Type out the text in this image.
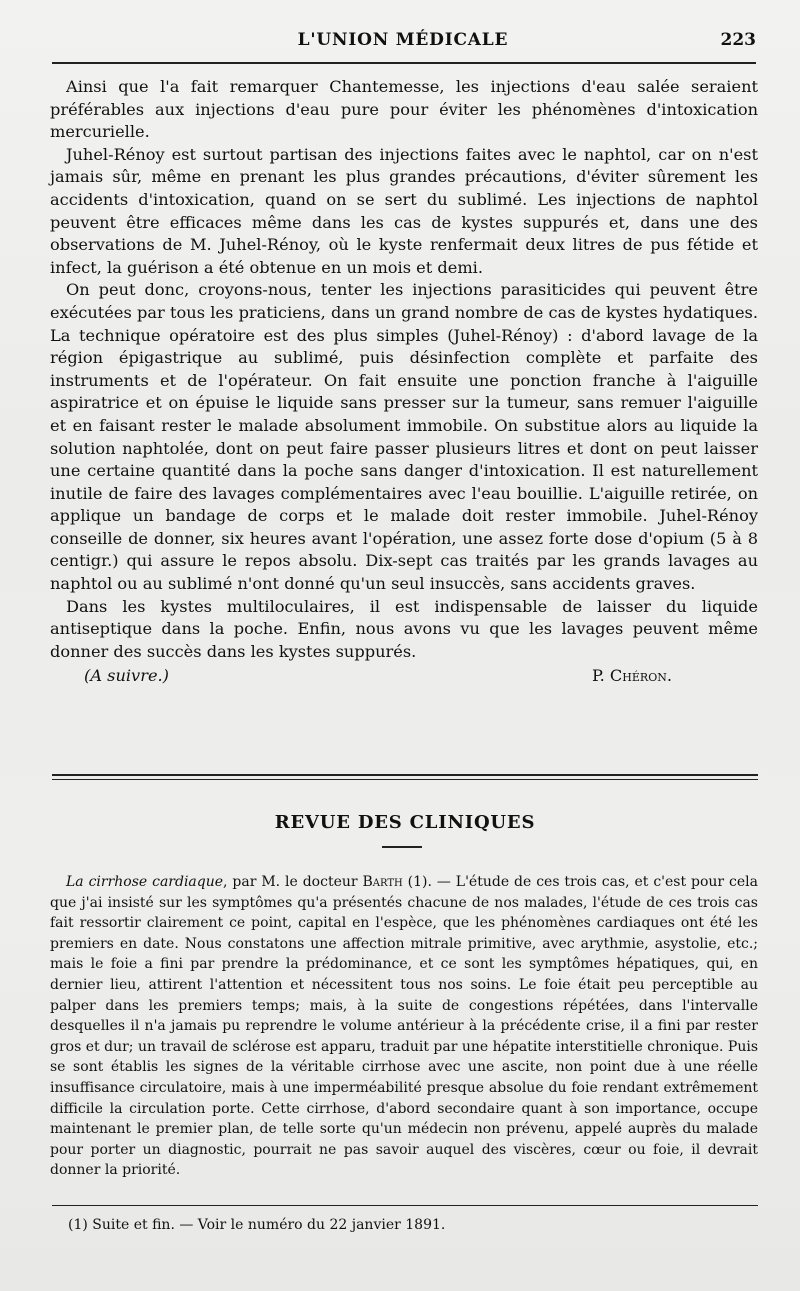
L'UNION MÉDICALE	223

Ainsi que l'a fait remarquer Chantemesse, les injections d'eau salée seraient préférables aux injections d'eau pure pour éviter les phénomènes d'intoxication mercurielle.

Juhel-Rénoy est surtout partisan des injections faites avec le naphtol, car on n'est jamais sûr, même en prenant les plus grandes précautions, d'éviter sûrement les accidents d'intoxication, quand on se sert du sublimé. Les injections de naphtol peuvent être efficaces même dans les cas de kystes suppurés et, dans une des observations de M. Juhel-Rénoy, où le kyste renfermait deux litres de pus fétide et infect, la guérison a été obtenue en un mois et demi.

On peut donc, croyons-nous, tenter les injections parasiticides qui peuvent être exécutées par tous les praticiens, dans un grand nombre de cas de kystes hydatiques. La technique opératoire est des plus simples (Juhel-Rénoy) : d'abord lavage de la région épigastrique au sublimé, puis désinfection complète et parfaite des instruments et de l'opérateur. On fait ensuite une ponction franche à l'aiguille aspiratrice et on épuise le liquide sans presser sur la tumeur, sans remuer l'aiguille et en faisant rester le malade absolument immobile. On substitue alors au liquide la solution naphtolée, dont on peut faire passer plusieurs litres et dont on peut laisser une certaine quantité dans la poche sans danger d'intoxication. Il est naturellement inutile de faire des lavages complémentaires avec l'eau bouillie. L'aiguille retirée, on applique un bandage de corps et le malade doit rester immobile. Juhel-Rénoy conseille de donner, six heures avant l'opération, une assez forte dose d'opium (5 à 8 centigr.) qui assure le repos absolu. Dix-sept cas traités par les grands lavages au naphtol ou au sublimé n'ont donné qu'un seul insuccès, sans accidents graves.

Dans les kystes multiloculaires, il est indispensable de laisser du liquide antiseptique dans la poche. Enfin, nous avons vu que les lavages peuvent même donner des succès dans les kystes suppurés.

(A suivre.)	P. Chéron.
REVUE DES CLINIQUES

La cirrhose cardiaque, par M. le docteur Barth (1). — L'étude de ces trois cas, et c'est pour cela que j'ai insisté sur les symptômes qu'a présentés chacune de nos malades, l'étude de ces trois cas fait ressortir clairement ce point, capital en l'espèce, que les phénomènes cardiaques ont été les premiers en date. Nous constatons une affection mitrale primitive, avec arythmie, asystolie, etc.; mais le foie a fini par prendre la prédominance, et ce sont les symptômes hépatiques, qui, en dernier lieu, attirent l'attention et nécessitent tous nos soins. Le foie était peu perceptible au palper dans les premiers temps; mais, à la suite de congestions répétées, dans l'intervalle desquelles il n'a jamais pu reprendre le volume antérieur à la précédente crise, il a fini par rester gros et dur; un travail de sclérose est apparu, traduit par une hépatite interstitielle chronique. Puis se sont établis les signes de la véritable cirrhose avec une ascite, non point due à une réelle insuffisance circulatoire, mais à une imperméabilité presque absolue du foie rendant extrêmement difficile la circulation porte. Cette cirrhose, d'abord secondaire quant à son importance, occupe maintenant le premier plan, de telle sorte qu'un médecin non prévenu, appelé auprès du malade pour porter un diagnostic, pourrait ne pas savoir auquel des viscères, cœur ou foie, il devrait donner la priorité.

(1) Suite et fin. — Voir le numéro du 22 janvier 1891.
